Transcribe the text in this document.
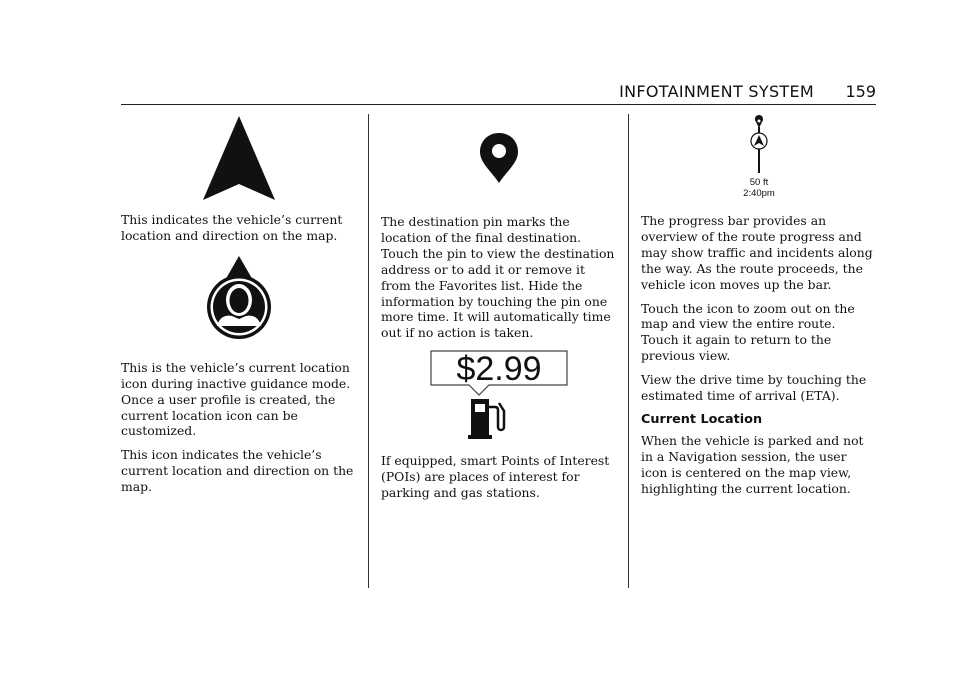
INFOTAINMENT SYSTEM 159

This indicates the vehicle’s current location and direction on the map.

This is the vehicle’s current location icon during inactive guidance mode. Once a user profile is created, the current location icon can be customized.

This icon indicates the vehicle’s current location and direction on the map.

The destination pin marks the location of the final destination. Touch the pin to view the destination address or to add it or remove it from the Favorites list. Hide the information by touching the pin one more time. It will automatically time out if no action is taken.

$2.99

If equipped, smart Points of Interest (POIs) are places of interest for parking and gas stations.

50 ft
2:40pm

The progress bar provides an overview of the route progress and may show traffic and incidents along the way. As the route proceeds, the vehicle icon moves up the bar.

Touch the icon to zoom out on the map and view the entire route. Touch it again to return to the previous view.

View the drive time by touching the estimated time of arrival (ETA).

Current Location

When the vehicle is parked and not in a Navigation session, the user icon is centered on the map view, highlighting the current location.
